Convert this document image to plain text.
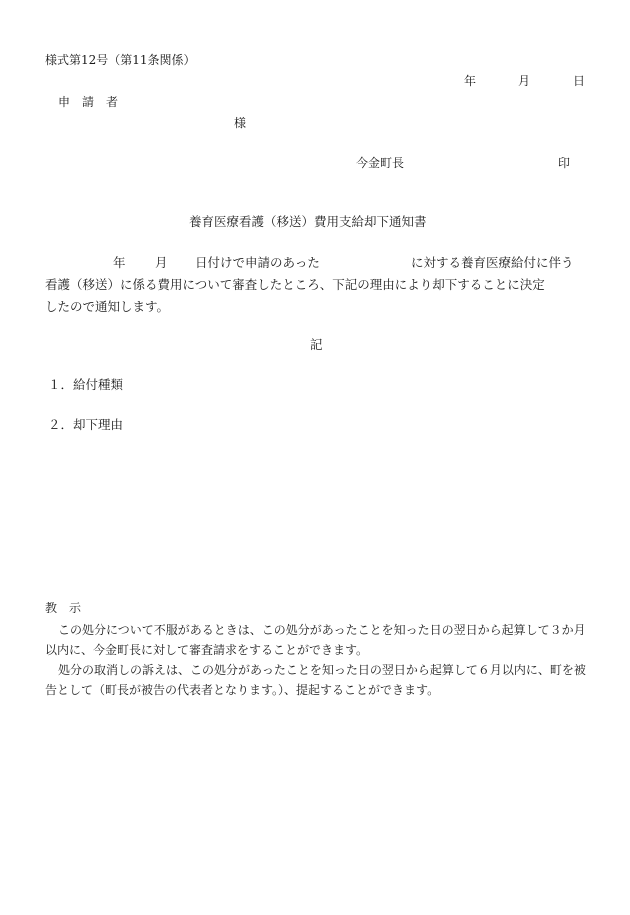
様式第12号（第11条関係）
年	月	日
申　請　者
様
今金町長	印
養育医療看護（移送）費用支給却下通知書
年 月 日付けで申請のあった	に対する養育医療給付に伴う
看護（移送）に係る費用について審査したところ、下記の理由により却下することに決定
したので通知します。
記
１．給付種類
２．却下理由
教　示

この処分について不服があるときは、この処分があったことを知った日の翌日から起算して３か月以内に、今金町長に対して審査請求をすることができます。

処分の取消しの訴えは、この処分があったことを知った日の翌日から起算して６月以内に、町を被告として（町長が被告の代表者となります。）、提起することができます。
